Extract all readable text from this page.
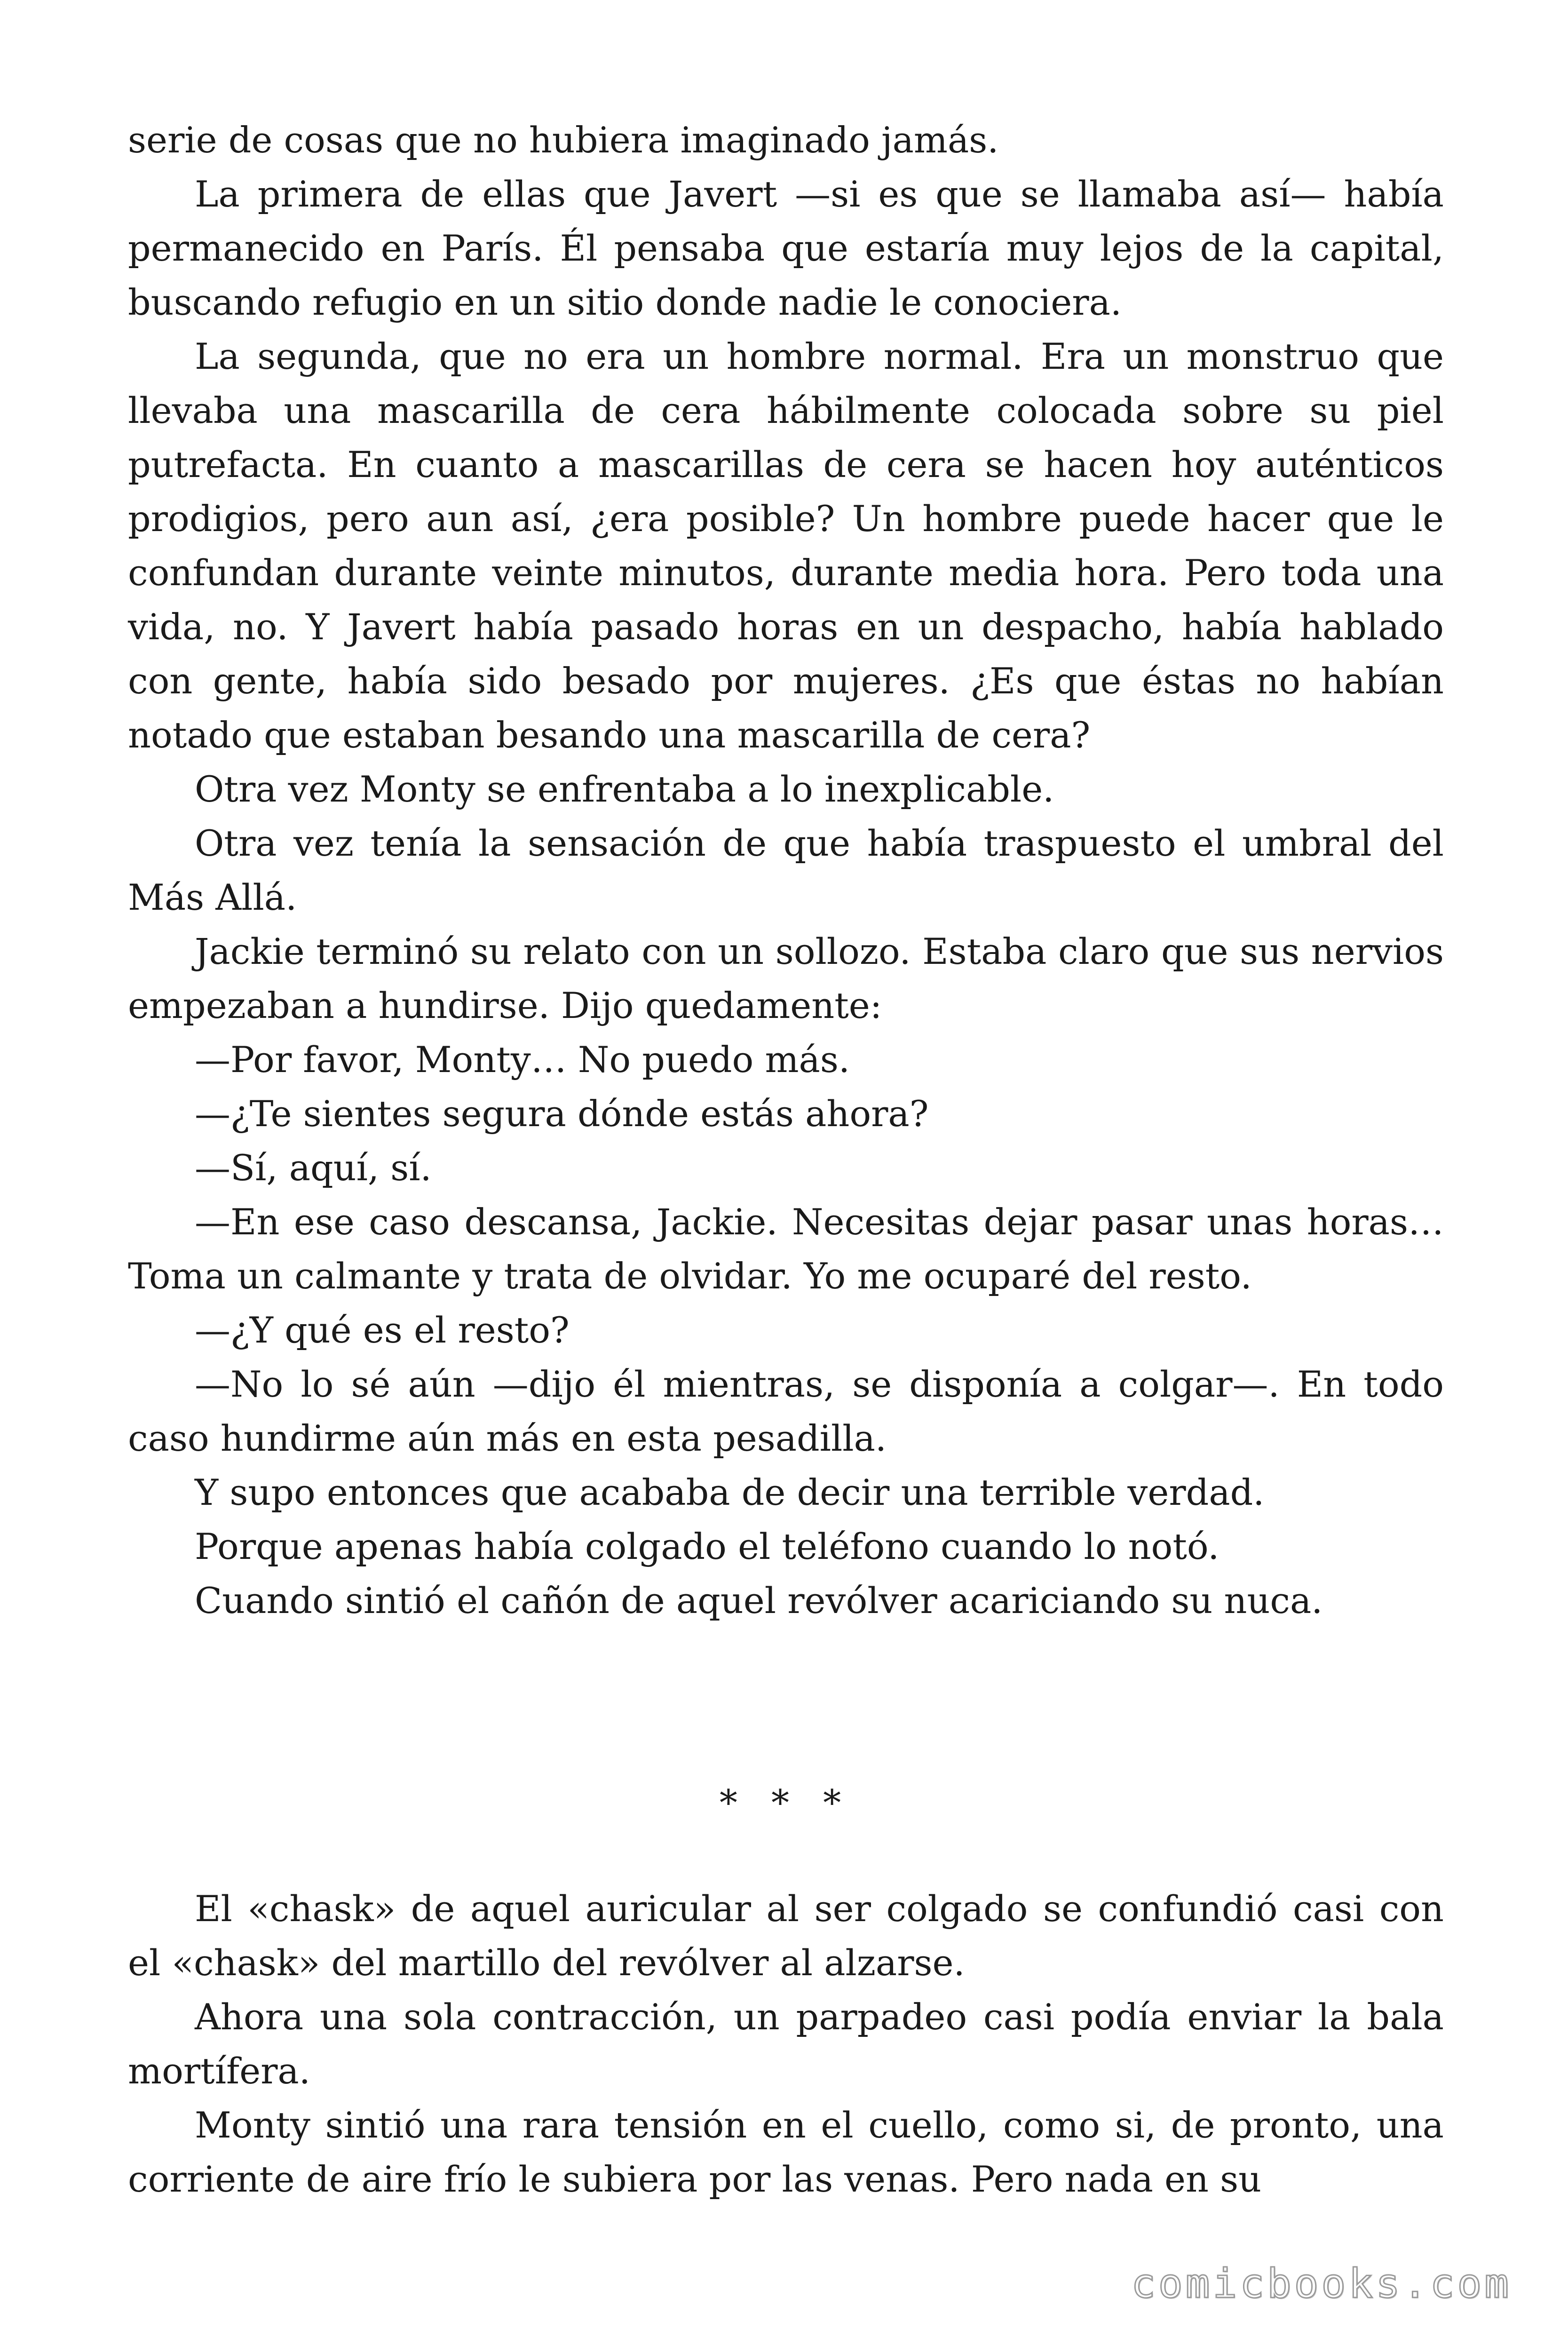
serie de cosas que no hubiera imaginado jamás.

La primera de ellas que Javert —si es que se llamaba así— había permanecido en París. Él pensaba que estaría muy lejos de la capital, buscando refugio en un sitio donde nadie le conociera.

La segunda, que no era un hombre normal. Era un monstruo que llevaba una mascarilla de cera hábilmente colocada sobre su piel putrefacta. En cuanto a mascarillas de cera se hacen hoy auténticos prodigios, pero aun así, ¿era posible? Un hombre puede hacer que le confundan durante veinte minutos, durante media hora. Pero toda una vida, no. Y Javert había pasado horas en un despacho, había hablado con gente, había sido besado por mujeres. ¿Es que éstas no habían notado que estaban besando una mascarilla de cera?

Otra vez Monty se enfrentaba a lo inexplicable.

Otra vez tenía la sensación de que había traspuesto el umbral del Más Allá.

Jackie terminó su relato con un sollozo. Estaba claro que sus nervios empezaban a hundirse. Dijo quedamente:

—Por favor, Monty… No puedo más.

—¿Te sientes segura dónde estás ahora?

—Sí, aquí, sí.

—En ese caso descansa, Jackie. Necesitas dejar pasar unas horas… Toma un calmante y trata de olvidar. Yo me ocuparé del resto.

—¿Y qué es el resto?

—No lo sé aún —dijo él mientras, se disponía a colgar—. En todo caso hundirme aún más en esta pesadilla.

Y supo entonces que acababa de decir una terrible verdad.

Porque apenas había colgado el teléfono cuando lo notó.

Cuando sintió el cañón de aquel revólver acariciando su nuca.

* * *

El «chask» de aquel auricular al ser colgado se confundió casi con el «chask» del martillo del revólver al alzarse.

Ahora una sola contracción, un parpadeo casi podía enviar la bala mortífera.

Monty sintió una rara tensión en el cuello, como si, de pronto, una corriente de aire frío le subiera por las venas. Pero nada en su

comicbooks.com
